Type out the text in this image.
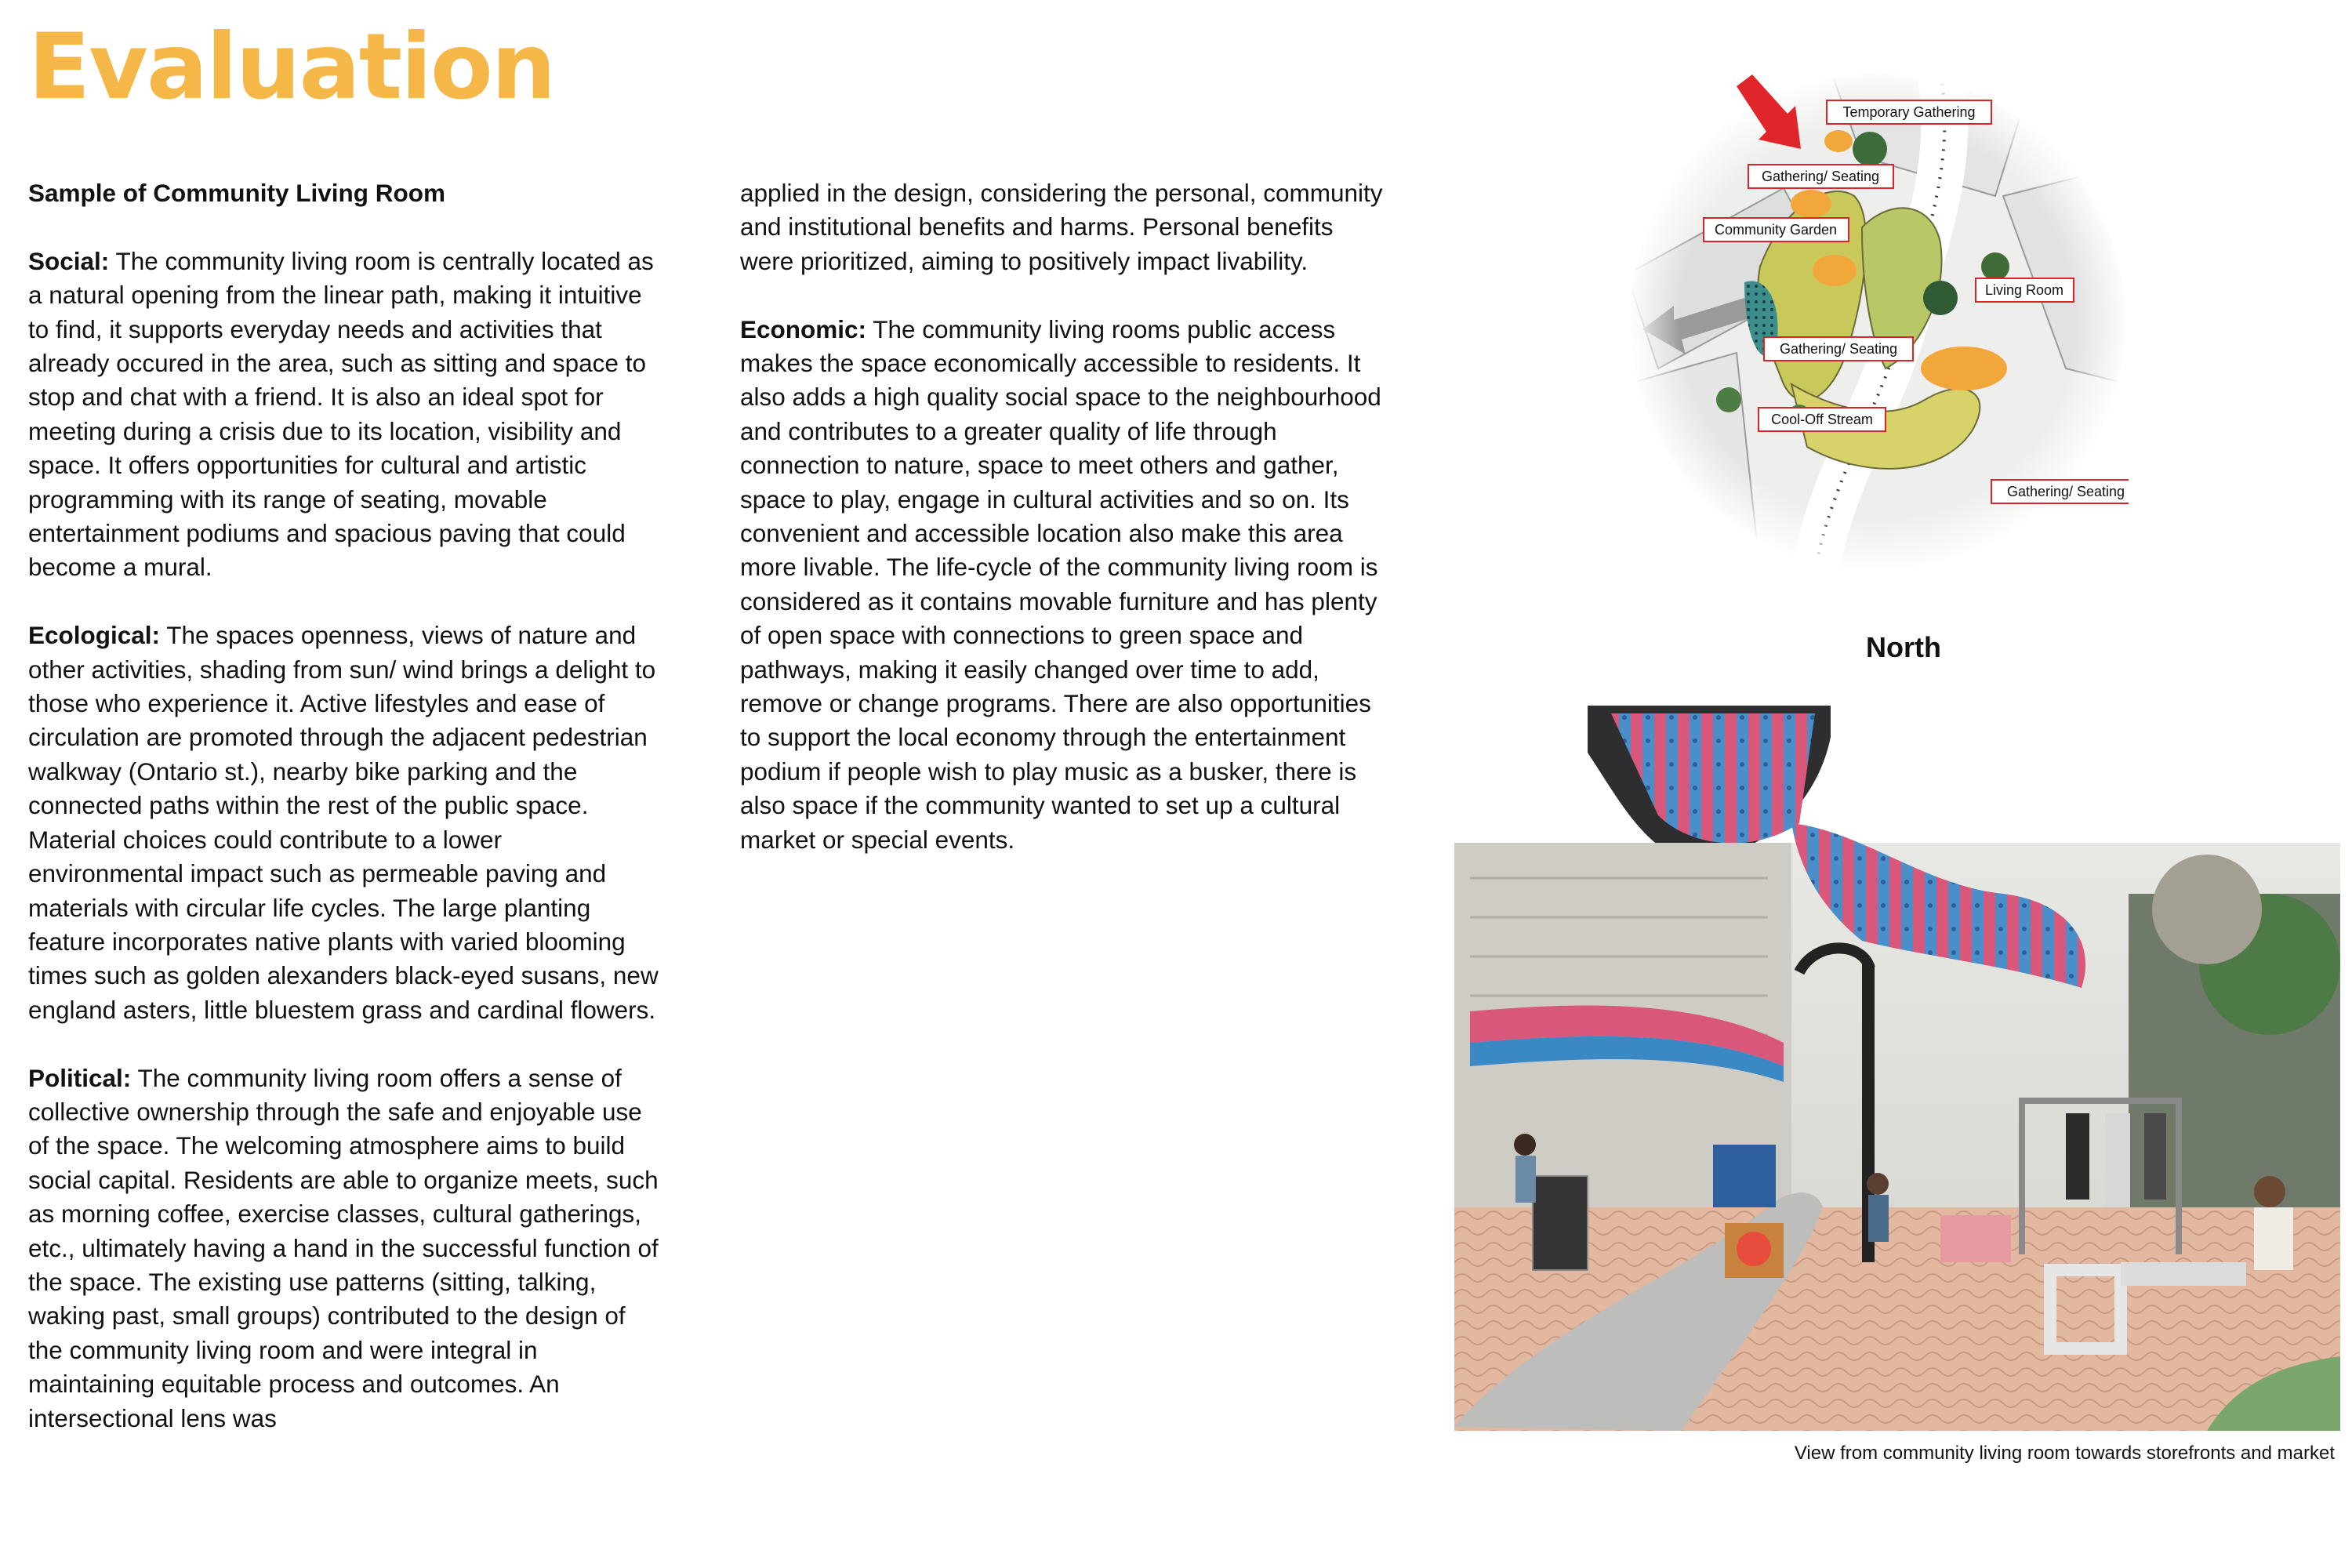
Evaluation

Sample of Community Living Room

Social: The community living room is centrally located as a natural opening from the linear path, making it intuitive to find, it supports everyday needs and activities that already occured in the area, such as sitting and space to stop and chat with a friend. It is also an ideal spot for meeting during a crisis due to its location, visibility and space. It offers opportunities for cultural and artistic programming with its range of seating, movable entertainment podiums and spacious paving that could become a mural.

Ecological: The spaces openness, views of nature and other activities, shading from sun/ wind brings a delight to those who experience it. Active lifestyles and ease of circulation are promoted through the adjacent pedestrian walkway (Ontario st.), nearby bike parking and the connected paths within the rest of the public space. Material choices could contribute to a lower environmental impact such as permeable paving and materials with circular life cycles. The large planting feature incorporates native plants with varied blooming times such as golden alexanders black-eyed susans, new england asters, little bluestem grass and cardinal flowers.

Political: The community living room offers a sense of collective ownership through the safe and enjoyable use of the space. The welcoming atmosphere aims to build social capital. Residents are able to organize meets, such as morning coffee, exercise classes, cultural gatherings, etc., ultimately having a hand in the successful function of the space. The existing use patterns (sitting, talking, waking past, small groups) contributed to the design of the community living room and were integral in maintaining equitable process and outcomes. An intersectional lens was

applied in the design, considering the personal, community and institutional benefits and harms. Personal benefits were prioritized, aiming to positively impact livability.

Economic: The community living rooms public access makes the space economically accessible to residents. It also adds a high quality social space to the neighbourhood and contributes to a greater quality of life through connection to nature, space to meet others and gather, space to play, engage in cultural activities and so on. Its convenient and accessible location also make this area more livable. The life-cycle of the community living room is considered as it contains movable furniture and has plenty of open space with connections to green space and pathways, making it easily changed over time to add, remove or change programs. There are also opportunities to support the local economy through the entertainment podium if people wish to play music as a busker, there is also space if the community wanted to set up a cultural market or special events.

Temporary Gathering
Gathering/ Seating
Community Garden
Living Room
Gathering/ Seating
Cool-Off Stream
Gathering/ Seating
North
View from community living room towards storefronts and market
